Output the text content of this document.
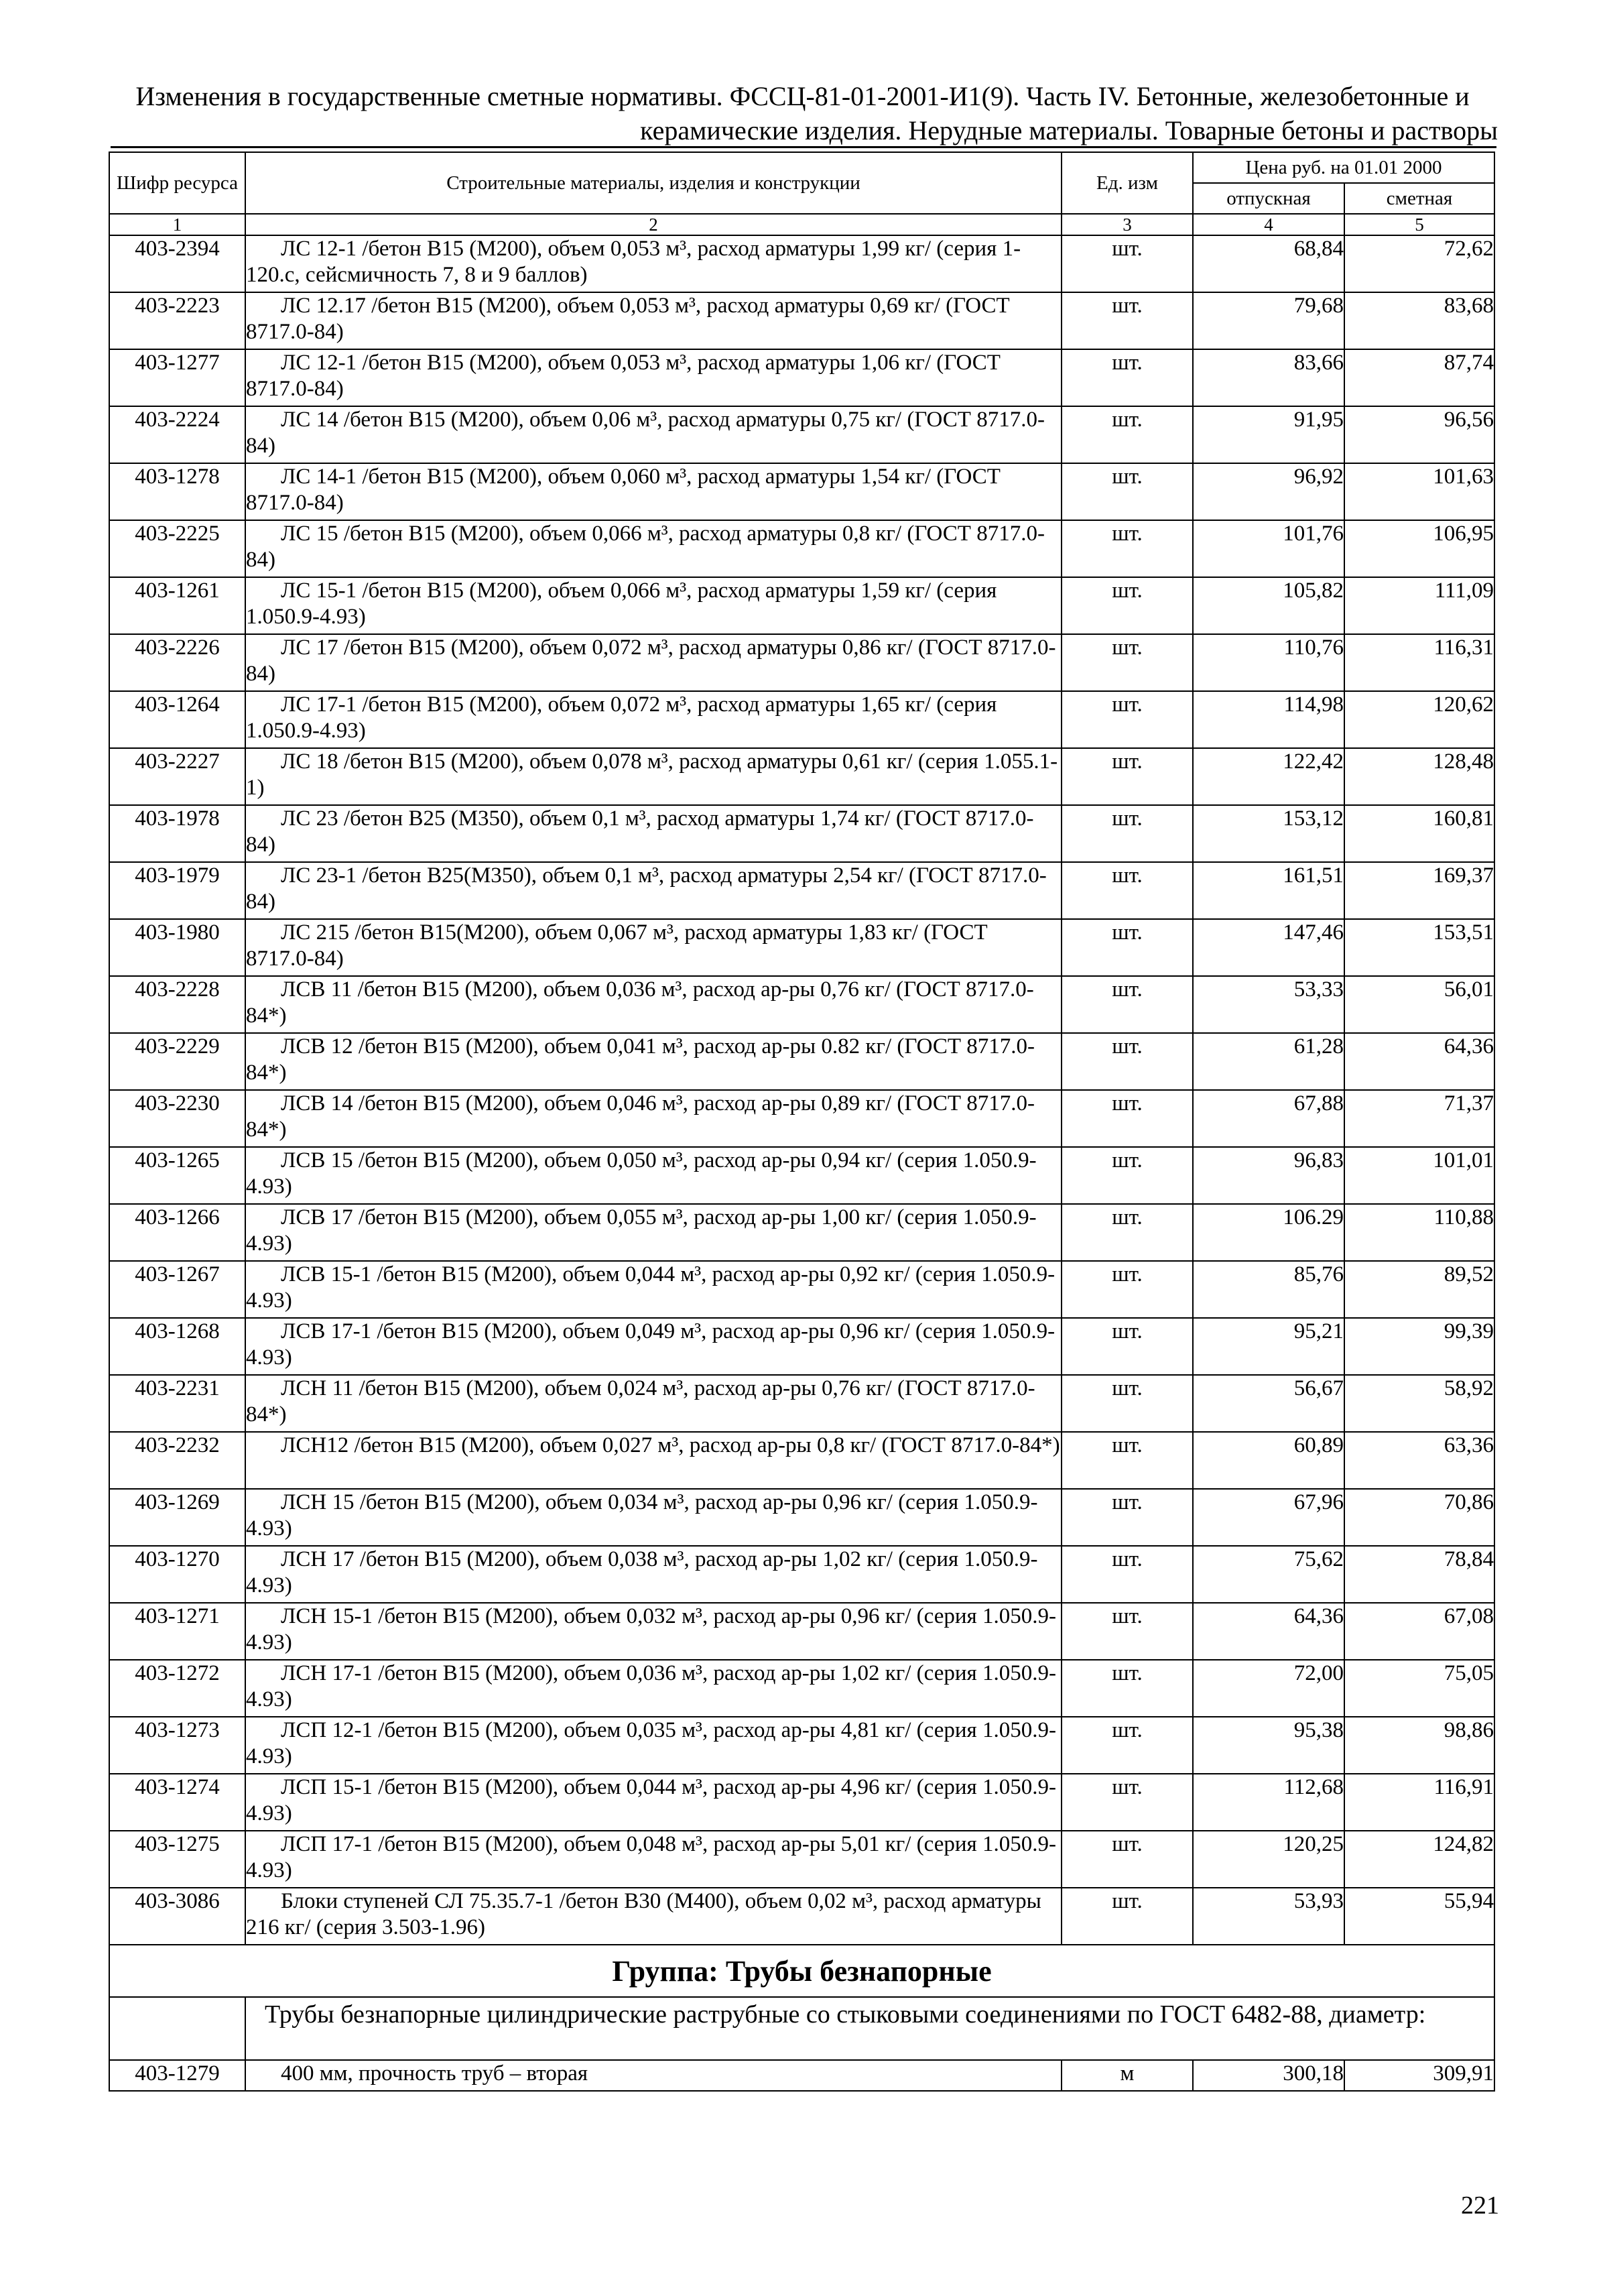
Изменения в государственные сметные нормативы. ФССЦ-81-01-2001-И1(9). Часть IV. Бетонные, железобетонные и
керамические изделия. Нерудные материалы. Товарные бетоны и растворы
Шифр ресурса	Строительные материалы, изделия и конструкции	Ед. изм	Цена руб. на 01.01 2000	
			отпускная	сметная
1	2	3	4	5
403-2394	ЛС 12-1 /бетон В15 (М200), объем 0,053 м³, расход арматуры 1,99 кг/ (серия 1-120.с, сейсмичность 7, 8 и 9 баллов)	шт.	68,84	72,62
403-2223	ЛС 12.17 /бетон В15 (М200), объем 0,053 м³, расход арматуры 0,69 кг/ (ГОСТ 8717.0-84)	шт.	79,68	83,68
403-1277	ЛС 12-1 /бетон В15 (М200), объем 0,053 м³, расход арматуры 1,06 кг/ (ГОСТ 8717.0-84)	шт.	83,66	87,74
403-2224	ЛС 14 /бетон В15 (М200), объем 0,06 м³, расход арматуры 0,75 кг/ (ГОСТ 8717.0-84)	шт.	91,95	96,56
403-1278	ЛС 14-1 /бетон В15 (М200), объем 0,060 м³, расход арматуры 1,54 кг/ (ГОСТ 8717.0-84)	шт.	96,92	101,63
403-2225	ЛС 15 /бетон В15 (М200), объем 0,066 м³, расход арматуры 0,8 кг/ (ГОСТ 8717.0-84)	шт.	101,76	106,95
403-1261	ЛС 15-1 /бетон В15 (М200), объем 0,066 м³, расход арматуры 1,59 кг/ (серия 1.050.9-4.93)	шт.	105,82	111,09
403-2226	ЛС 17 /бетон В15 (М200), объем 0,072 м³, расход арматуры 0,86 кг/ (ГОСТ 8717.0-84)	шт.	110,76	116,31
403-1264	ЛС 17-1 /бетон В15 (М200), объем 0,072 м³, расход арматуры 1,65 кг/ (серия 1.050.9-4.93)	шт.	114,98	120,62
403-2227	ЛС 18 /бетон В15 (М200), объем 0,078 м³, расход арматуры 0,61 кг/ (серия 1.055.1-1)	шт.	122,42	128,48
403-1978	ЛС 23 /бетон В25 (М350), объем 0,1 м³, расход арматуры 1,74 кг/ (ГОСТ 8717.0-84)	шт.	153,12	160,81
403-1979	ЛС 23-1 /бетон В25(М350), объем 0,1 м³, расход арматуры 2,54 кг/ (ГОСТ 8717.0-84)	шт.	161,51	169,37
403-1980	ЛС 215 /бетон В15(М200), объем 0,067 м³, расход арматуры 1,83 кг/ (ГОСТ 8717.0-84)	шт.	147,46	153,51
403-2228	ЛСВ 11 /бетон В15 (М200), объем 0,036 м³, расход ар-ры 0,76 кг/ (ГОСТ 8717.0-84*)	шт.	53,33	56,01
403-2229	ЛСВ 12 /бетон В15 (М200), объем 0,041 м³, расход ар-ры 0.82 кг/ (ГОСТ 8717.0-84*)	шт.	61,28	64,36
403-2230	ЛСВ 14 /бетон В15 (М200), объем 0,046 м³, расход ар-ры 0,89 кг/ (ГОСТ 8717.0-84*)	шт.	67,88	71,37
403-1265	ЛСВ 15 /бетон В15 (М200), объем 0,050 м³, расход ар-ры 0,94 кг/ (серия 1.050.9-4.93)	шт.	96,83	101,01
403-1266	ЛСВ 17 /бетон В15 (М200), объем 0,055 м³, расход ар-ры 1,00 кг/ (серия 1.050.9-4.93)	шт.	106.29	110,88
403-1267	ЛСВ 15-1 /бетон В15 (М200), объем 0,044 м³, расход ар-ры 0,92 кг/ (серия 1.050.9-4.93)	шт.	85,76	89,52
403-1268	ЛСВ 17-1 /бетон В15 (М200), объем 0,049 м³, расход ар-ры 0,96 кг/ (серия 1.050.9-4.93)	шт.	95,21	99,39
403-2231	ЛСН 11 /бетон В15 (М200), объем 0,024 м³, расход ар-ры 0,76 кг/ (ГОСТ 8717.0-84*)	шт.	56,67	58,92
403-2232	ЛСН12 /бетон В15 (М200), объем 0,027 м³, расход ар-ры 0,8 кг/ (ГОСТ 8717.0-84*)	шт.	60,89	63,36
403-1269	ЛСН 15 /бетон В15 (М200), объем 0,034 м³, расход ар-ры 0,96 кг/ (серия 1.050.9-4.93)	шт.	67,96	70,86
403-1270	ЛСН 17 /бетон В15 (М200), объем 0,038 м³, расход ар-ры 1,02 кг/ (серия 1.050.9-4.93)	шт.	75,62	78,84
403-1271	ЛСН 15-1 /бетон В15 (М200), объем 0,032 м³, расход ар-ры 0,96 кг/ (серия 1.050.9-4.93)	шт.	64,36	67,08
403-1272	ЛСН 17-1 /бетон В15 (М200), объем 0,036 м³, расход ар-ры 1,02 кг/ (серия 1.050.9-4.93)	шт.	72,00	75,05
403-1273	ЛСП 12-1 /бетон В15 (М200), объем 0,035 м³, расход ар-ры 4,81 кг/ (серия 1.050.9-4.93)	шт.	95,38	98,86
403-1274	ЛСП 15-1 /бетон В15 (М200), объем 0,044 м³, расход ар-ры 4,96 кг/ (серия 1.050.9-4.93)	шт.	112,68	116,91
403-1275	ЛСП 17-1 /бетон В15 (М200), объем 0,048 м³, расход ар-ры 5,01 кг/ (серия 1.050.9-4.93)	шт.	120,25	124,82
403-3086	Блоки ступеней СЛ 75.35.7-1 /бетон В30 (М400), объем 0,02 м³, расход арматуры 216 кг/ (серия 3.503-1.96)	шт.	53,93	55,94
Группа: Трубы безнапорные				
	Трубы безнапорные цилиндрические раструбные со стыковыми соединениями по ГОСТ 6482-88, диаметр:			
403-1279	400 мм, прочность труб – вторая	м	300,18	309,91
221
